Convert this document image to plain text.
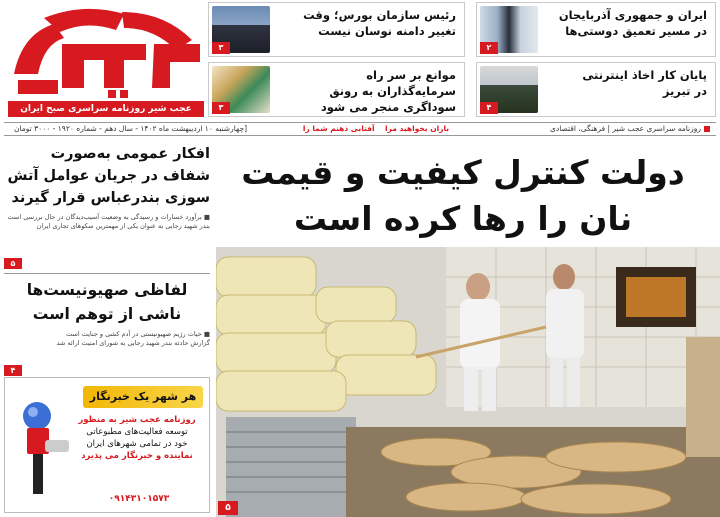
عجب شیر روزنامه سراسری صبح ایران
رئیس سازمان بورس؛ وقت تغییر دامنه نوسان نیست
۳
ایران و جمهوری آذربایجان در مسیر تعمیق دوستی‌ها
۲
موانع بر سر راه سرمایه‌گذاران به رونق سوداگری منجر می شود
۳
پایان کار اخاذ اینترنتی در تبریز
۴
روزنامه سراسری عجب شیر | فرهنگی، اقتصادی
باران بخواهید مرا    آفتابی ذهنم شما را
[چهارشنبه ۱۰ اردیبهشت ماه ۱۴۰۲ - سال دهم - شماره ۱۹۲۰ - ۳۰۰۰ تومان
دولت کنترل کیفیت و قیمت
نان را رها کرده است
۵
افکار عمومی به‌صورت شفاف در جریان عوامل آتش سوزی بندرعباس قرار گیرند
■ برآورد خسارات و رسیدگی به وضعیت آسیب‌دیدگان در حال بررسی است
بندر شهید رجایی به عنوان یکی از مهمترین سکوهای تجاری ایران
۵
لفاظی صهیونیست‌ها ناشی از توهم است
■ حیات رژیم صهیونیستی در آدم کشی و جنایت است
گزارش حادثه بندر شهید رجایی به شورای امنیت ارائه شد
۴
هر شهر یک خبرنگار
روزنامه عجب شیر به منظور
توسعه فعالیت‌های مطبوعاتی
خود در تمامی شهرهای ایران
نماینده و خبرنگار می پذیرد
۰۹۱۴۳۱۰۱۵۷۳
